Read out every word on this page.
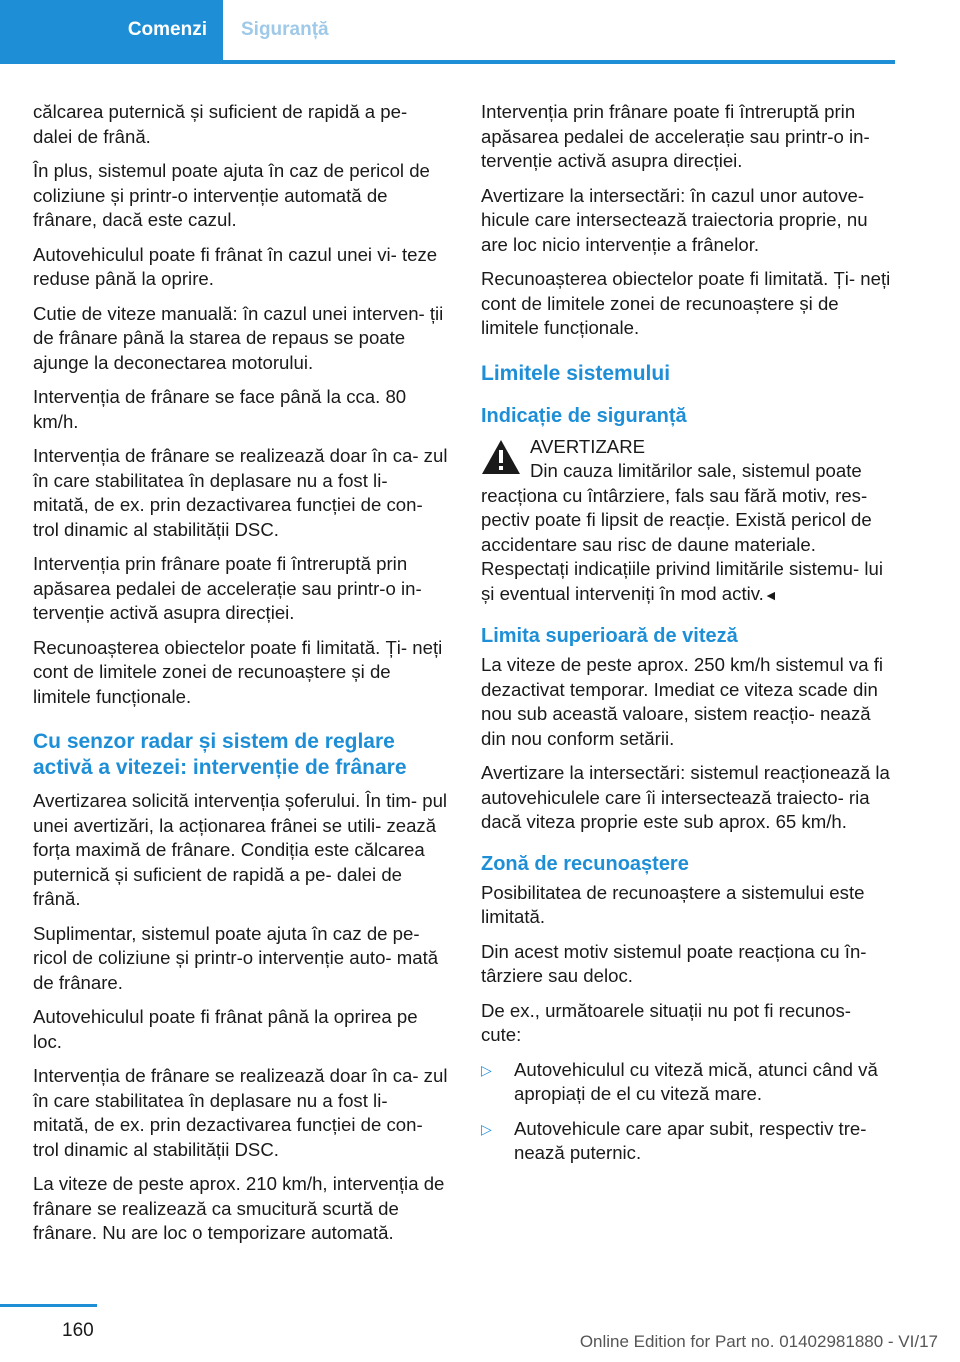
Comenzi	Siguranță

călcarea puternică și suficient de rapidă a pe‐ dalei de frână.

În plus, sistemul poate ajuta în caz de pericol de coliziune și printr-o intervenție automată de frânare, dacă este cazul.

Autovehiculul poate fi frânat în cazul unei vi‐ teze reduse până la oprire.

Cutie de viteze manuală: în cazul unei interven‐ ții de frânare până la starea de repaus se poate ajunge la deconectarea motorului.

Intervenția de frânare se face până la cca. 80 km/h.

Intervenția de frânare se realizează doar în ca‐ zul în care stabilitatea în deplasare nu a fost li‐ mitată, de ex. prin dezactivarea funcției de con‐ trol dinamic al stabilității DSC.

Intervenția prin frânare poate fi întreruptă prin apăsarea pedalei de accelerație sau printr-o in‐ tervenție activă asupra direcției.

Recunoașterea obiectelor poate fi limitată. Ți‐ neți cont de limitele zonei de recunoaștere și de limitele funcționale.

Cu senzor radar și sistem de reglare activă a vitezei: intervenție de frânare

Avertizarea solicită intervenția șoferului. În tim‐ pul unei avertizări, la acționarea frânei se utili‐ zează forța maximă de frânare. Condiția este călcarea puternică și suficient de rapidă a pe‐ dalei de frână.

Suplimentar, sistemul poate ajuta în caz de pe‐ ricol de coliziune și printr-o intervenție auto‐ mată de frânare.

Autovehiculul poate fi frânat până la oprirea pe loc.

Intervenția de frânare se realizează doar în ca‐ zul în care stabilitatea în deplasare nu a fost li‐ mitată, de ex. prin dezactivarea funcției de con‐ trol dinamic al stabilității DSC.

La viteze de peste aprox. 210 km/h, intervenția de frânare se realizează ca smucitură scurtă de frânare. Nu are loc o temporizare automată.

Intervenția prin frânare poate fi întreruptă prin apăsarea pedalei de accelerație sau printr-o in‐ tervenție activă asupra direcției.

Avertizare la intersectări: în cazul unor autove‐ hicule care intersectează traiectoria proprie, nu are loc nicio intervenție a frânelor.

Recunoașterea obiectelor poate fi limitată. Ți‐ neți cont de limitele zonei de recunoaștere și de limitele funcționale.

Limitele sistemului
Indicație de siguranță
AVERTIZARE
Din cauza limitărilor sale, sistemul poate

reacționa cu întârziere, fals sau fără motiv, res‐ pectiv poate fi lipsit de reacție. Există pericol de accidentare sau risc de daune materiale. Respectați indicațiile privind limitările sistemu‐ lui și eventual interveniți în mod activ.◄

Limita superioară de viteză

La viteze de peste aprox. 250 km/h sistemul va fi dezactivat temporar. Imediat ce viteza scade din nou sub această valoare, sistem reacțio‐ nează din nou conform setării.

Avertizare la intersectări: sistemul reacționează la autovehiculele care îi intersectează traiecto‐ ria dacă viteza proprie este sub aprox. 65 km/h.

Zonă de recunoaștere

Posibilitatea de recunoaștere a sistemului este limitată.

Din acest motiv sistemul poate reacționa cu în‐ târziere sau deloc.

De ex., următoarele situații nu pot fi recunos‐ cute:

▷ Autovehiculul cu viteză mică, atunci când vă apropiați de el cu viteză mare.
▷ Autovehicule care apar subit, respectiv tre‐ nează puternic.
160
Online Edition for Part no. 01402981880 - VI/17
